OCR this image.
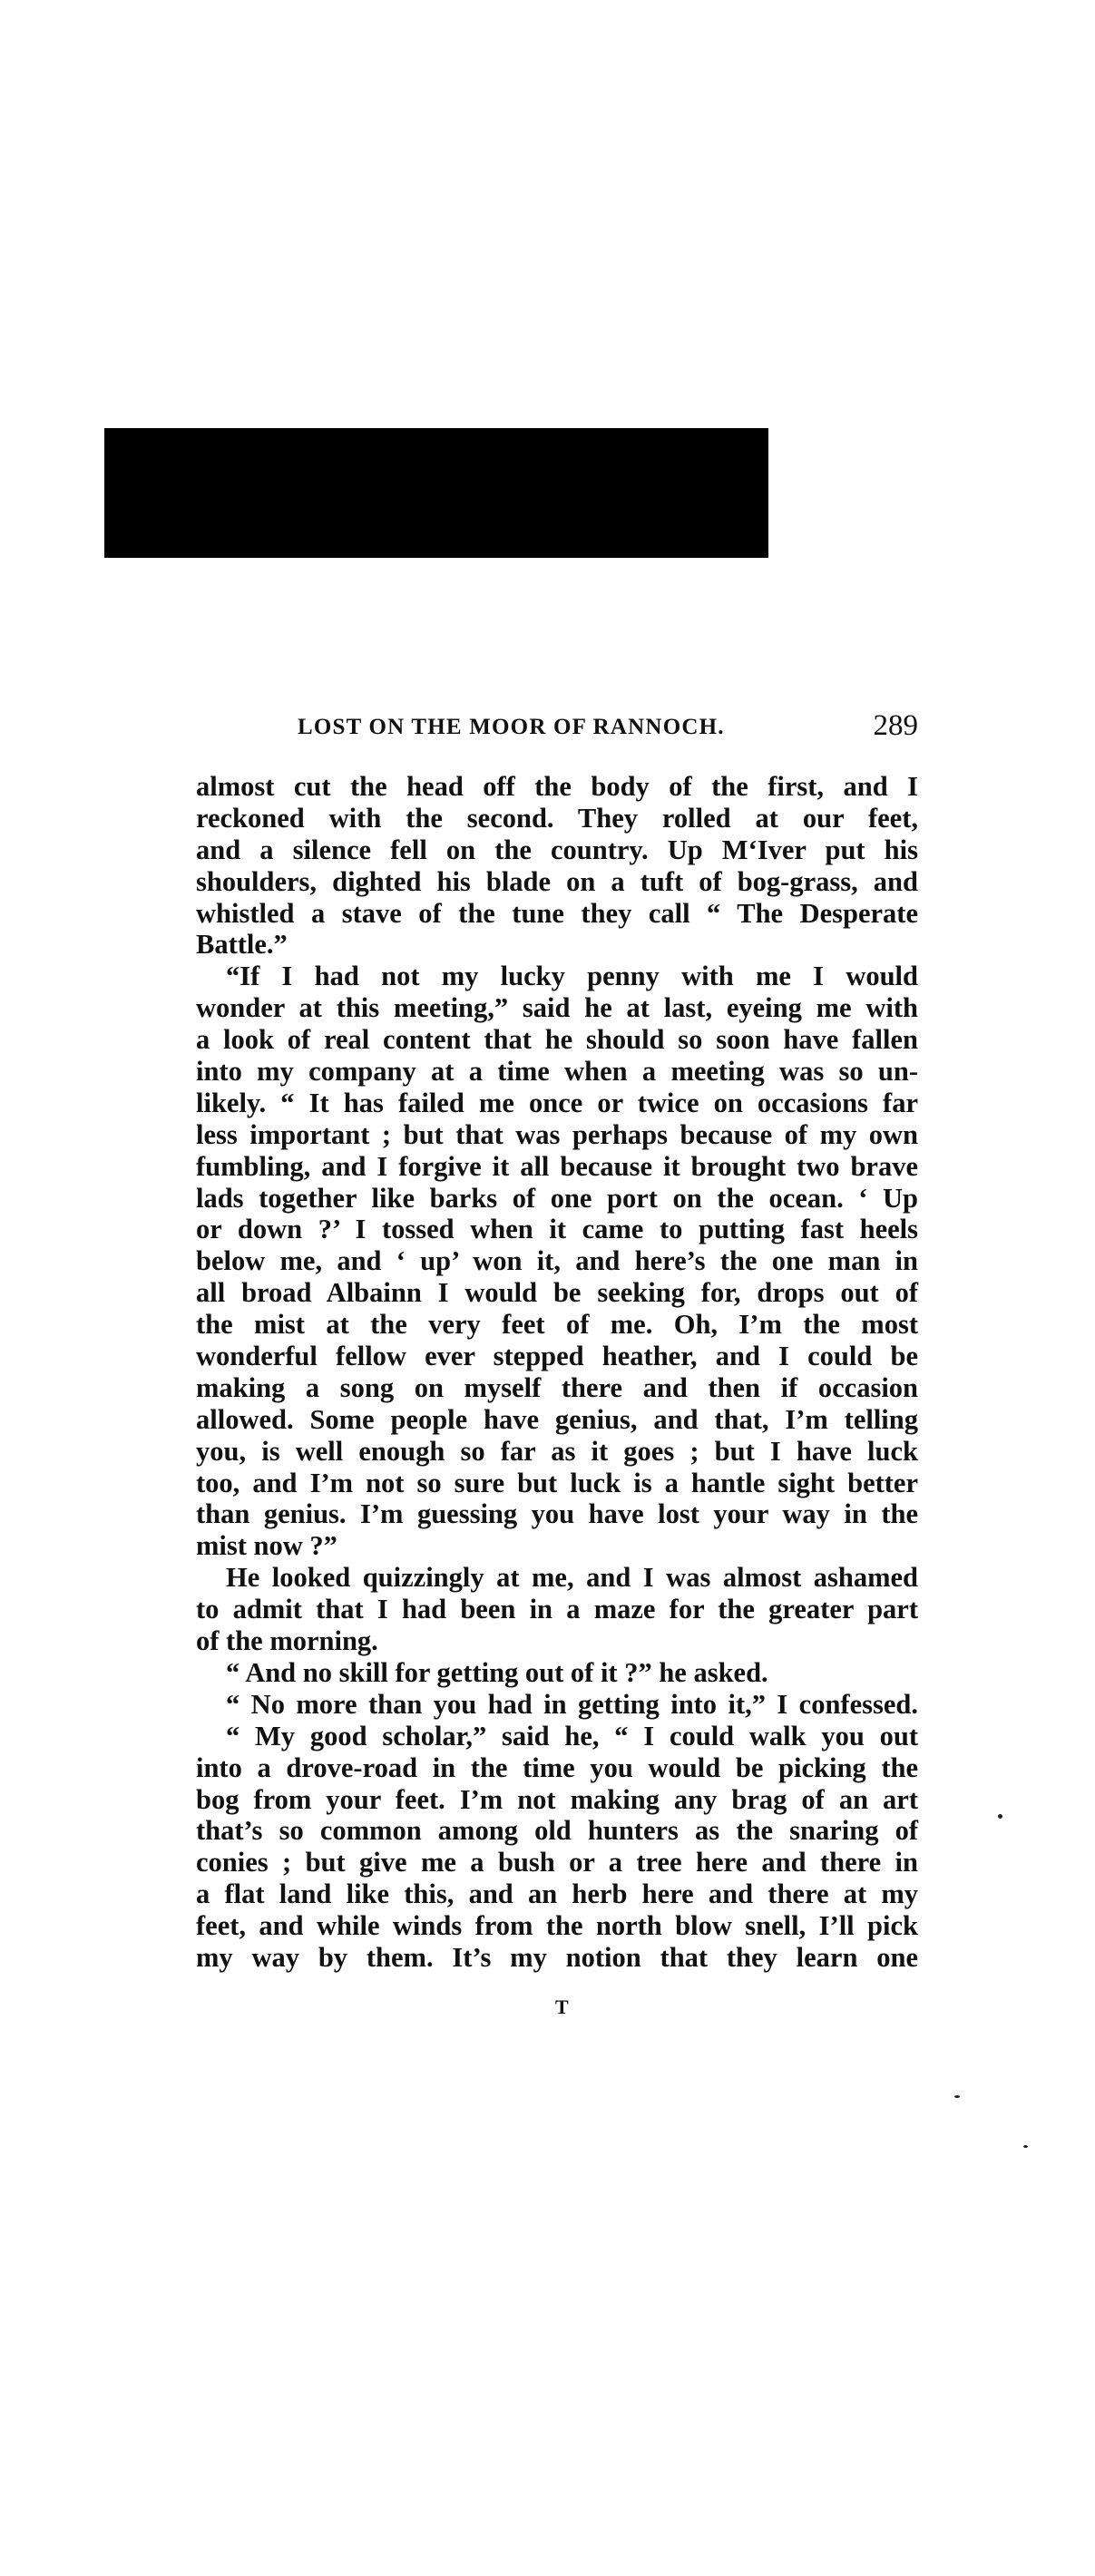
LOST ON THE MOOR OF RANNOCH.	289
almost cut the head off the body of the first, and I
reckoned with the second. They rolled at our feet,
and a silence fell on the country. Up M‘Iver put his
shoulders, dighted his blade on a tuft of bog-grass, and
whistled a stave of the tune they call “ The Desperate
Battle.”
“If I had not my lucky penny with me I would
wonder at this meeting,” said he at last, eyeing me with
a look of real content that he should so soon have fallen
into my company at a time when a meeting was so un-
likely. “ It has failed me once or twice on occasions far
less important ; but that was perhaps because of my own
fumbling, and I forgive it all because it brought two brave
lads together like barks of one port on the ocean. ‘ Up
or down ?’ I tossed when it came to putting fast heels
below me, and ‘ up’ won it, and here’s the one man in
all broad Albainn I would be seeking for, drops out of
the mist at the very feet of me. Oh, I’m the most
wonderful fellow ever stepped heather, and I could be
making a song on myself there and then if occasion
allowed. Some people have genius, and that, I’m telling
you, is well enough so far as it goes ; but I have luck
too, and I’m not so sure but luck is a hantle sight better
than genius. I’m guessing you have lost your way in the
mist now ?”
He looked quizzingly at me, and I was almost ashamed
to admit that I had been in a maze for the greater part
of the morning.
“ And no skill for getting out of it ?” he asked.
“ No more than you had in getting into it,” I confessed.
“ My good scholar,” said he, “ I could walk you out
into a drove-road in the time you would be picking the
bog from your feet. I’m not making any brag of an art
that’s so common among old hunters as the snaring of
conies ; but give me a bush or a tree here and there in
a flat land like this, and an herb here and there at my
feet, and while winds from the north blow snell, I’ll pick
my way by them. It’s my notion that they learn one
T
